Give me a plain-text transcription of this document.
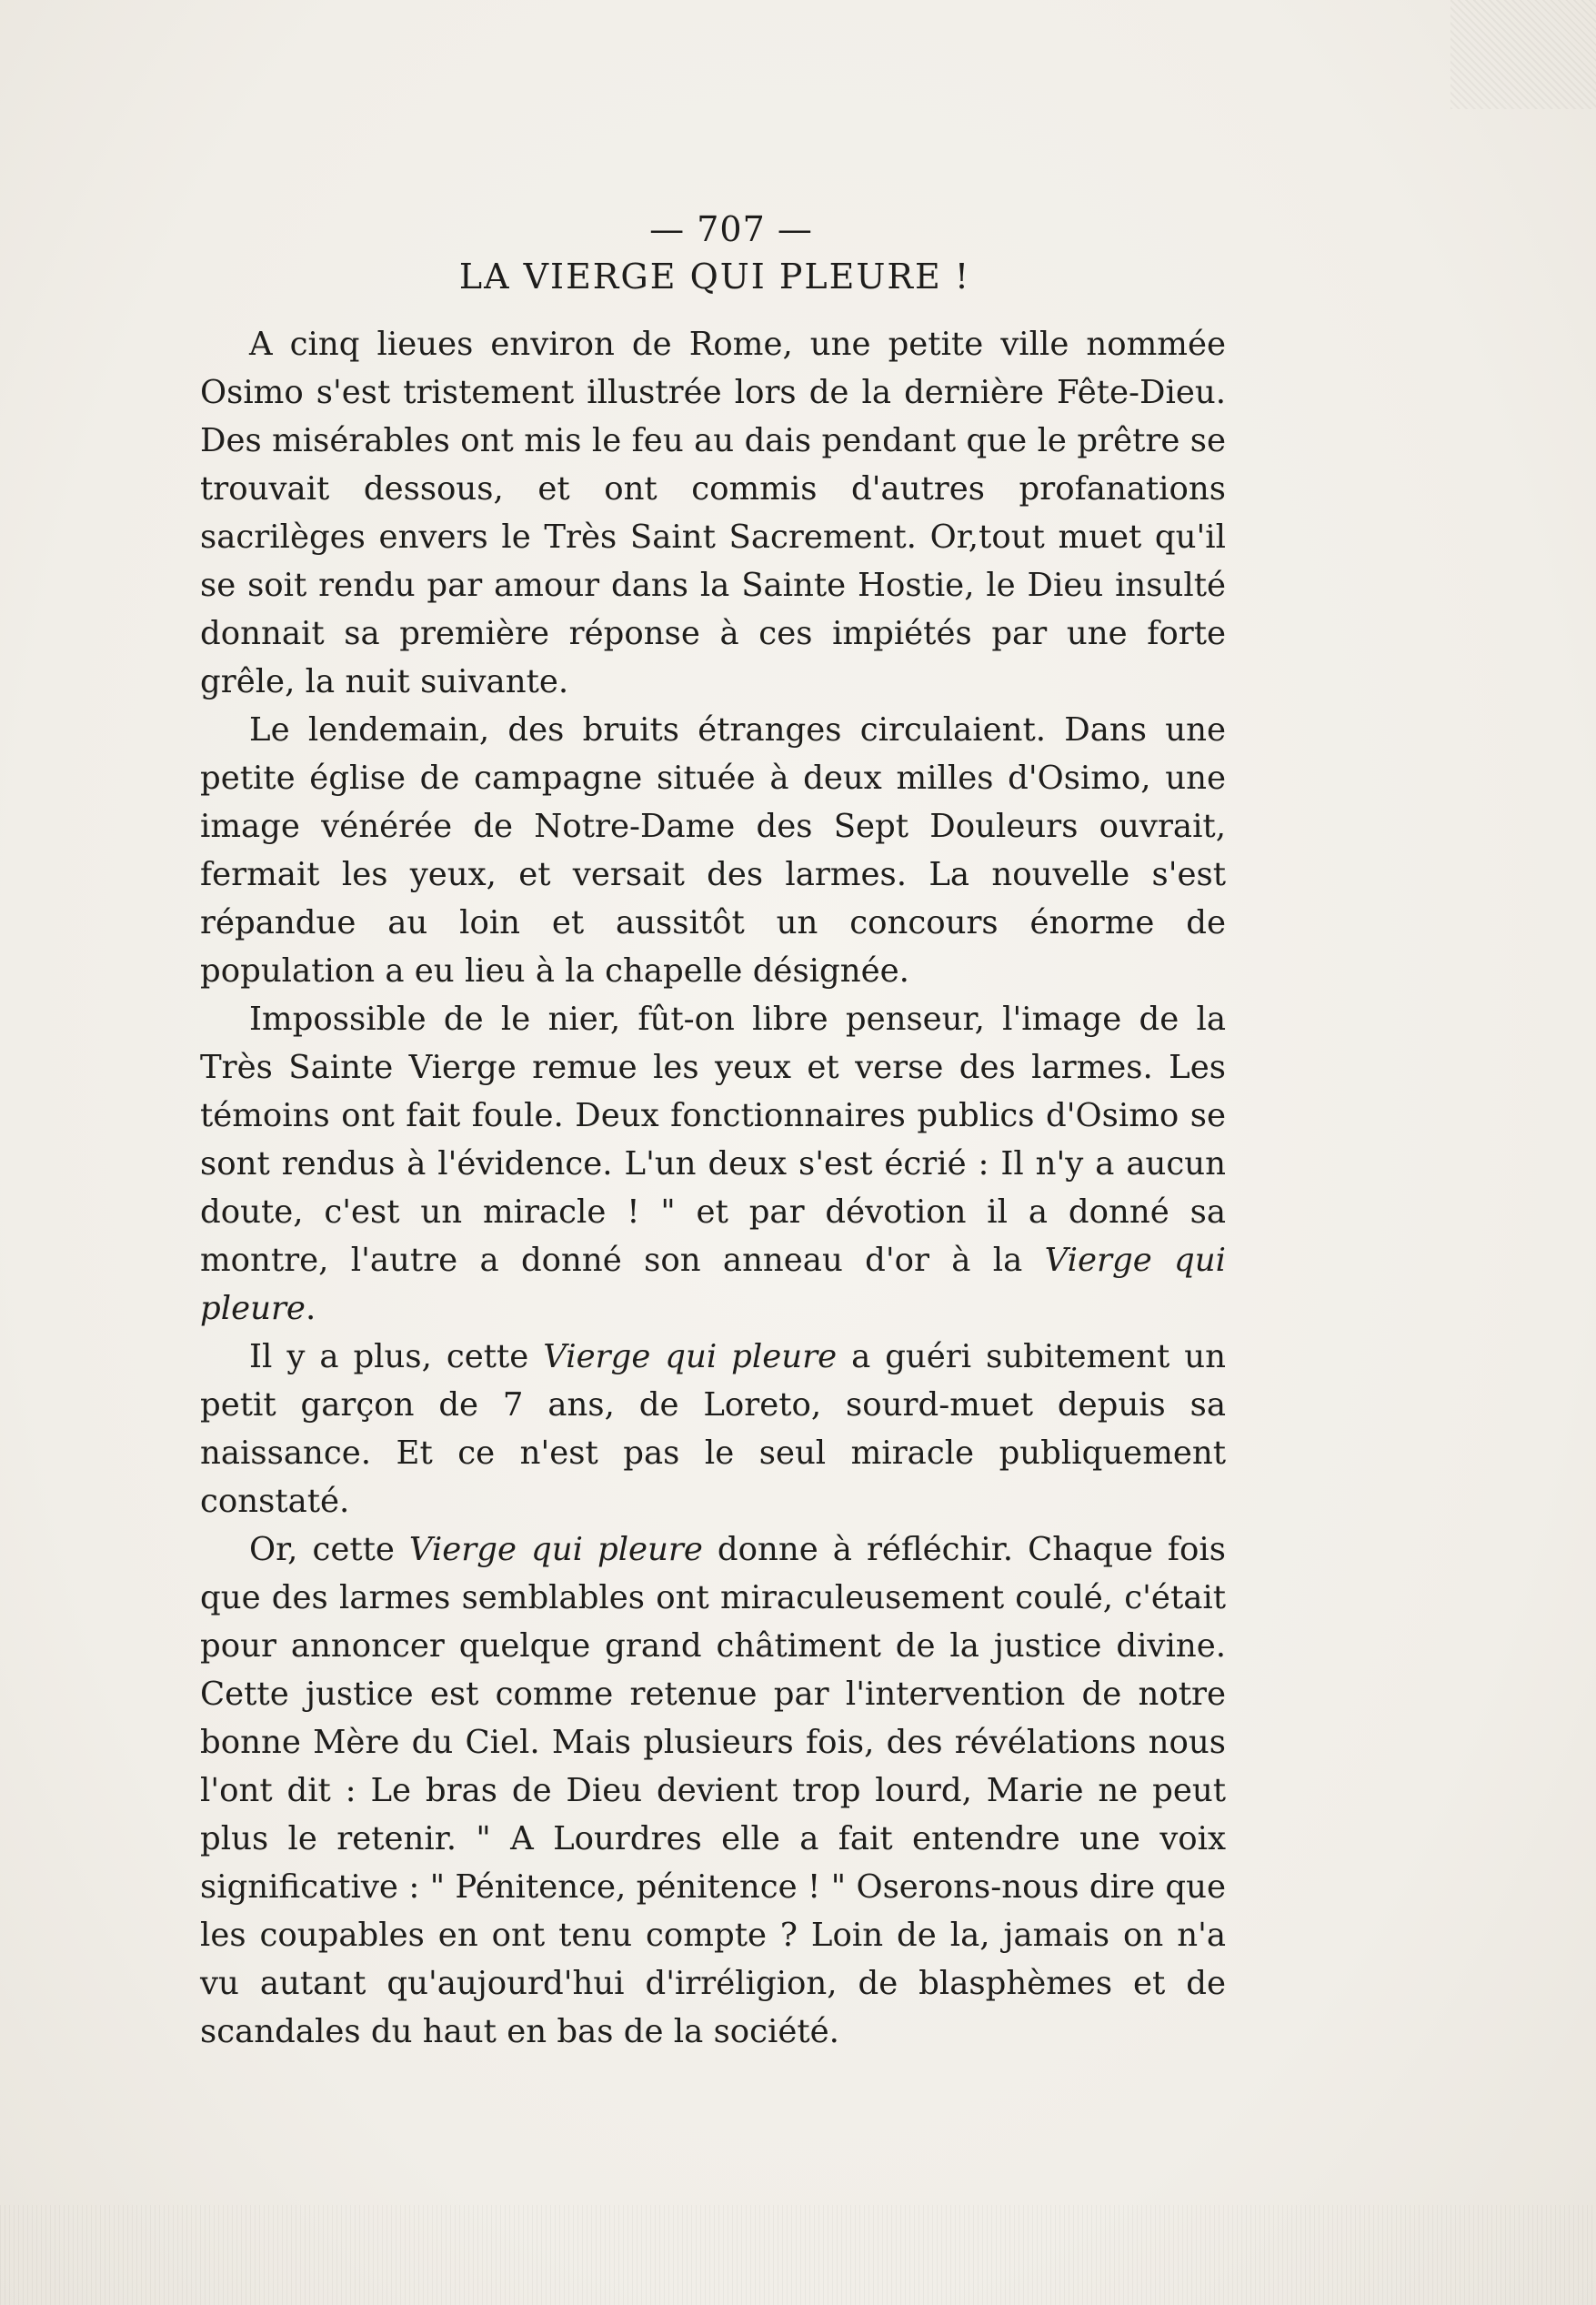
— 707 —
LA VIERGE QUI PLEURE !

A cinq lieues environ de Rome, une petite ville nommée Osimo s'est tristement illustrée lors de la dernière Fête-Dieu. Des misérables ont mis le feu au dais pendant que le prêtre se trouvait dessous, et ont commis d'autres profanations sacrilèges envers le Très Saint Sacrement. Or,tout muet qu'il se soit rendu par amour dans la Sainte Hostie, le Dieu insulté donnait sa première réponse à ces impiétés par une forte grêle, la nuit suivante.

Le lendemain, des bruits étranges circulaient. Dans une petite église de campagne située à deux milles d'Osimo, une image vénérée de Notre-Dame des Sept Douleurs ouvrait, fermait les yeux, et versait des larmes. La nouvelle s'est répandue au loin et aussitôt un concours énorme de population a eu lieu à la chapelle désignée.

Impossible de le nier, fût-on libre penseur, l'image de la Très Sainte Vierge remue les yeux et verse des larmes. Les témoins ont fait foule. Deux fonctionnaires publics d'Osimo se sont rendus à l'évidence. L'un deux s'est écrié : Il n'y a aucun doute, c'est un miracle ! " et par dévotion il a donné sa montre, l'autre a donné son anneau d'or à la Vierge qui pleure.

Il y a plus, cette Vierge qui pleure a guéri subitement un petit garçon de 7 ans, de Loreto, sourd-muet depuis sa naissance. Et ce n'est pas le seul miracle publiquement constaté.

Or, cette Vierge qui pleure donne à réfléchir. Chaque fois que des larmes semblables ont miraculeusement coulé, c'était pour annoncer quelque grand châtiment de la justice divine. Cette justice est comme retenue par l'intervention de notre bonne Mère du Ciel. Mais plusieurs fois, des révélations nous l'ont dit : Le bras de Dieu devient trop lourd, Marie ne peut plus le retenir. " A Lourdres elle a fait entendre une voix significative : " Pénitence, pénitence ! " Oserons-nous dire que les coupables en ont tenu compte ? Loin de la, jamais on n'a vu autant qu'aujourd'hui d'irréligion, de blasphèmes et de scandales du haut en bas de la société.
